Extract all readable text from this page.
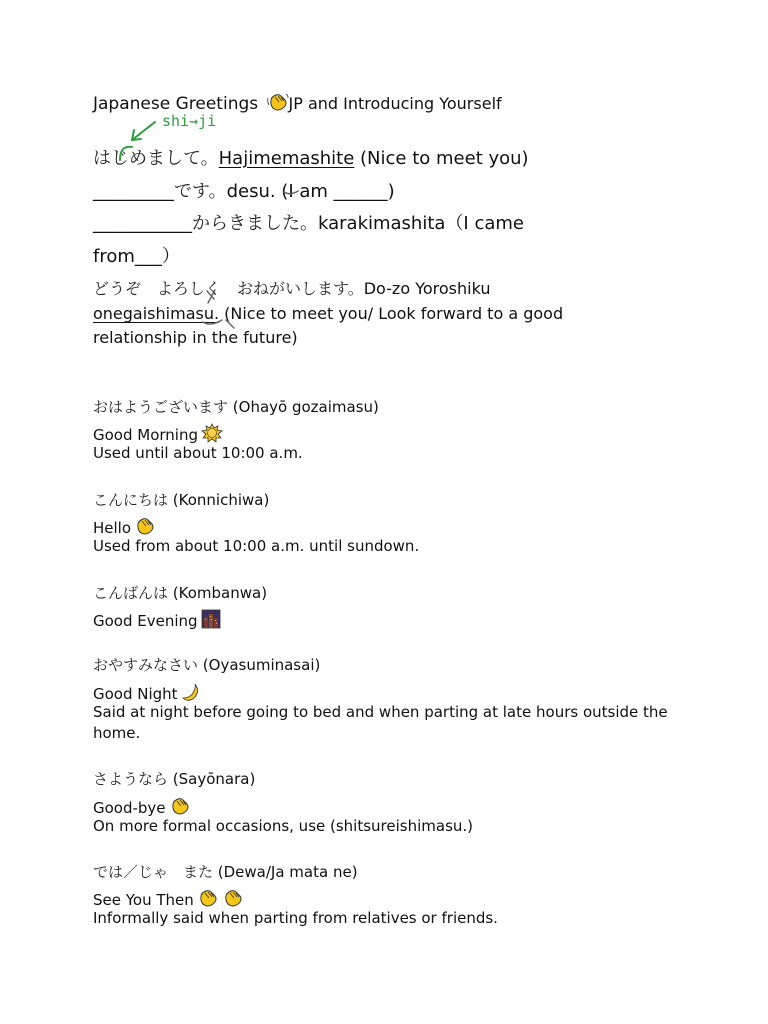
Japanese Greetings JP and Introducing Yourself
shi→ji
はじめまして。Hajimemashite (Nice to meet you)
_________です。desu. (I am ______)
___________からきました。karakimashita（I came
from___）
どうぞ　よろしく　おねがいします。Do-zo Yoroshiku
onegaishimasu. (Nice to meet you/ Look forward to a good
relationship in the future)
おはようございます (Ohayō gozaimasu)
Good Morning
Used until about 10:00 a.m.
こんにちは (Konnichiwa)
Hello
Used from about 10:00 a.m. until sundown.
こんばんは (Kombanwa)
Good Evening
おやすみなさい (Oyasuminasai)
Good Night
Said at night before going to bed and when parting at late hours outside the
home.
さようなら (Sayōnara)
Good-bye
On more formal occasions, use (shitsureishimasu.)
では／じゃ　また (Dewa/Ja mata ne)
See You Then
Informally said when parting from relatives or friends.
